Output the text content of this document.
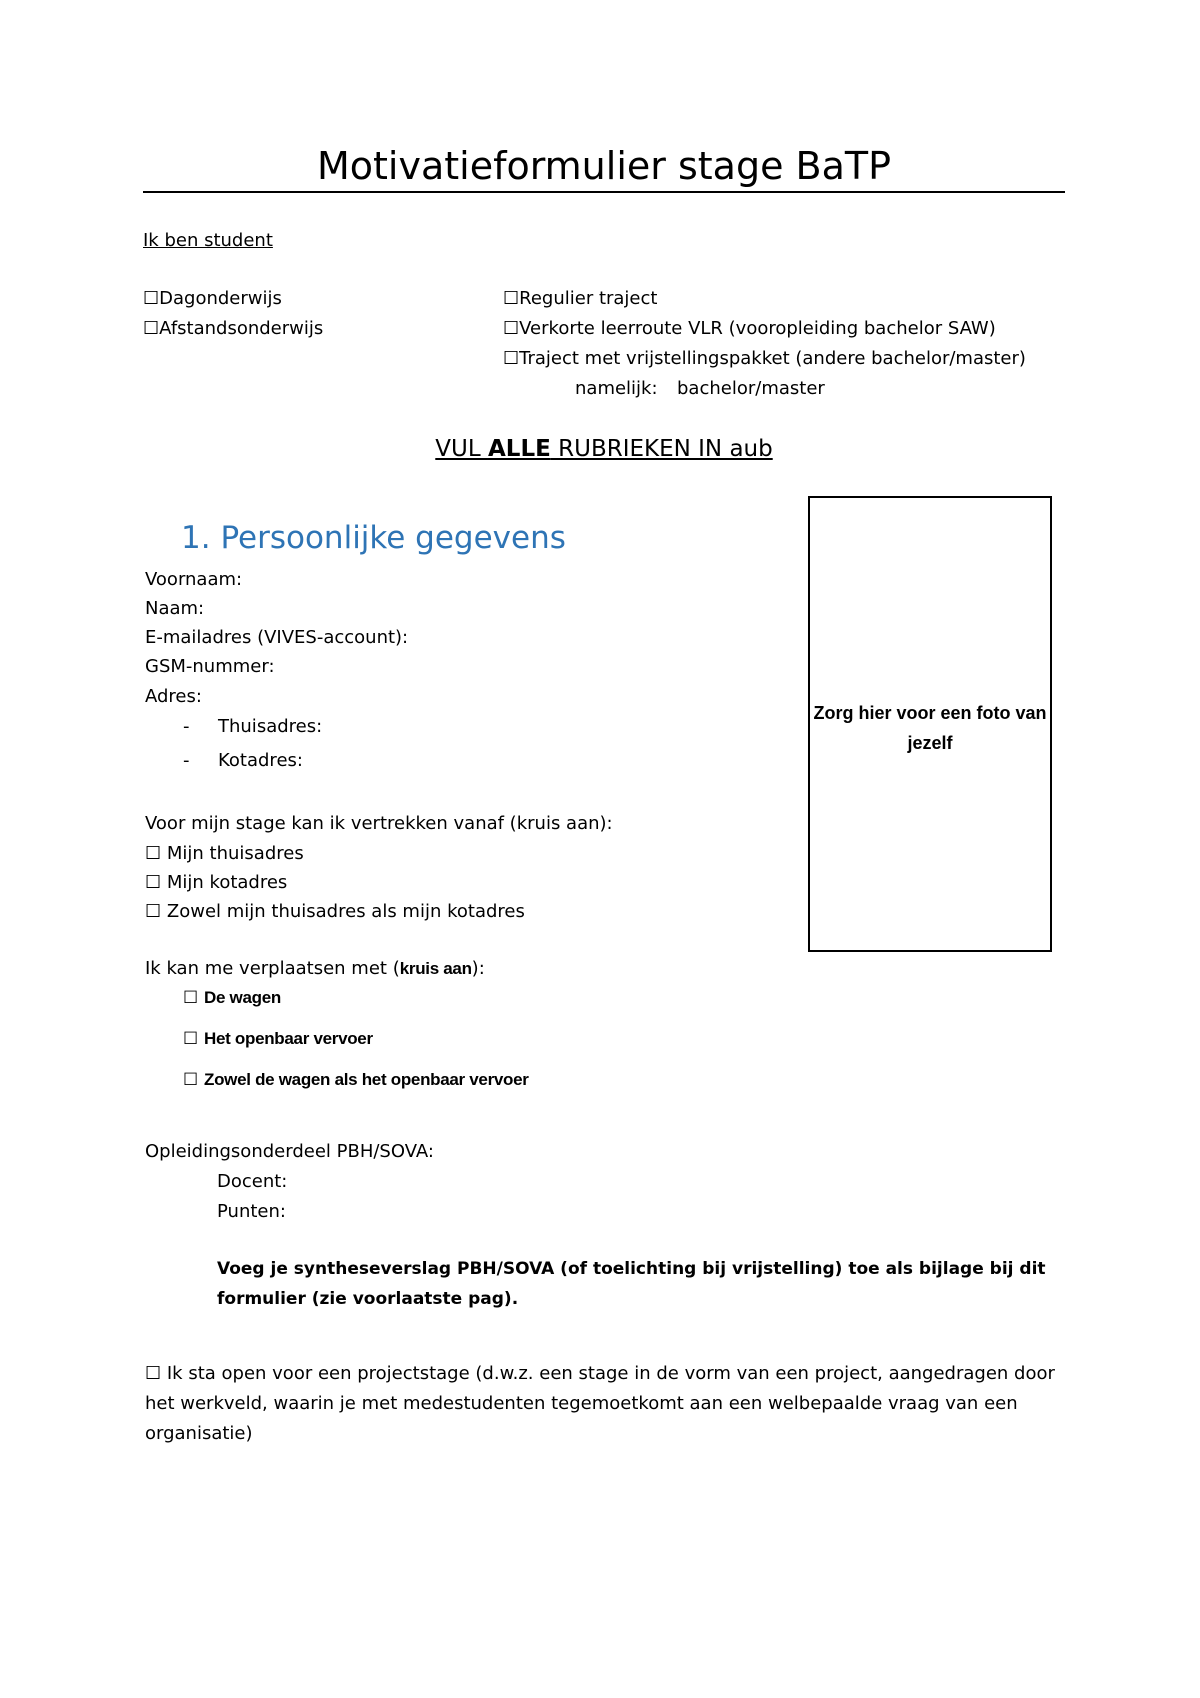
Motivatieformulier stage BaTP
Ik ben student
☐Dagonderwijs
☐Afstandsonderwijs
☐Regulier traject
☐Verkorte leerroute VLR (vooropleiding bachelor SAW)
☐Traject met vrijstellingspakket (andere bachelor/master)
namelijk: bachelor/master
VUL ALLE RUBRIEKEN IN aub
1. Persoonlijke gegevens
Zorg hier voor een foto van jezelf
Voornaam:
Naam:
E-mailadres (VIVES-account):
GSM-nummer:
Adres:
- Thuisadres:
- Kotadres:
Voor mijn stage kan ik vertrekken vanaf (kruis aan):
☐ Mijn thuisadres
☐ Mijn kotadres
☐ Zowel mijn thuisadres als mijn kotadres
Ik kan me verplaatsen met (kruis aan):
☐ De wagen
☐ Het openbaar vervoer
☐ Zowel de wagen als het openbaar vervoer
Opleidingsonderdeel PBH/SOVA:
Docent:
Punten:
Voeg je syntheseverslag PBH/SOVA (of toelichting bij vrijstelling) toe als bijlage bij dit
formulier (zie voorlaatste pag).
☐ Ik sta open voor een projectstage (d.w.z. een stage in de vorm van een project, aangedragen door
het werkveld, waarin je met medestudenten tegemoetkomt aan een welbepaalde vraag van een
organisatie)
